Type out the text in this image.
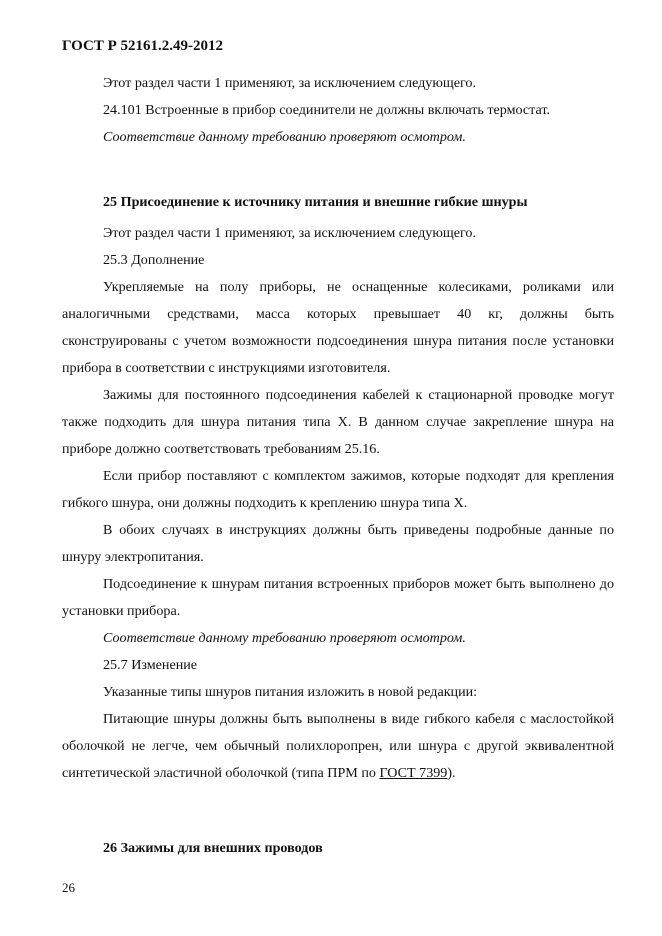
ГОСТ Р 52161.2.49-2012

Этот раздел части 1 применяют, за исключением следующего.

24.101 Встроенные в прибор соединители не должны включать термостат.

Соответствие данному требованию проверяют осмотром.

25 Присоединение к источнику питания и внешние гибкие шнуры

Этот раздел части 1 применяют, за исключением следующего.

25.3 Дополнение

Укрепляемые на полу приборы, не оснащенные колесиками, роликами или аналогичными средствами, масса которых превышает 40 кг, должны быть сконструированы с учетом возможности подсоединения шнура питания после установки прибора в соответствии с инструкциями изготовителя.

Зажимы для постоянного подсоединения кабелей к стационарной проводке могут также подходить для шнура питания типа X. В данном случае закрепление шнура на приборе должно соответствовать требованиям 25.16.

Если прибор поставляют с комплектом зажимов, которые подходят для крепления гибкого шнура, они должны подходить к креплению шнура типа X.

В обоих случаях в инструкциях должны быть приведены подробные данные по шнуру электропитания.

Подсоединение к шнурам питания встроенных приборов может быть выполнено до установки прибора.

Соответствие данному требованию проверяют осмотром.

25.7 Изменение

Указанные типы шнуров питания изложить в новой редакции:

Питающие шнуры должны быть выполнены в виде гибкого кабеля с маслостойкой оболочкой не легче, чем обычный полихлоропрен, или шнура с другой эквивалентной синтетической эластичной оболочкой (типа ПРМ по ГОСТ 7399).

26 Зажимы для внешних проводов

26
